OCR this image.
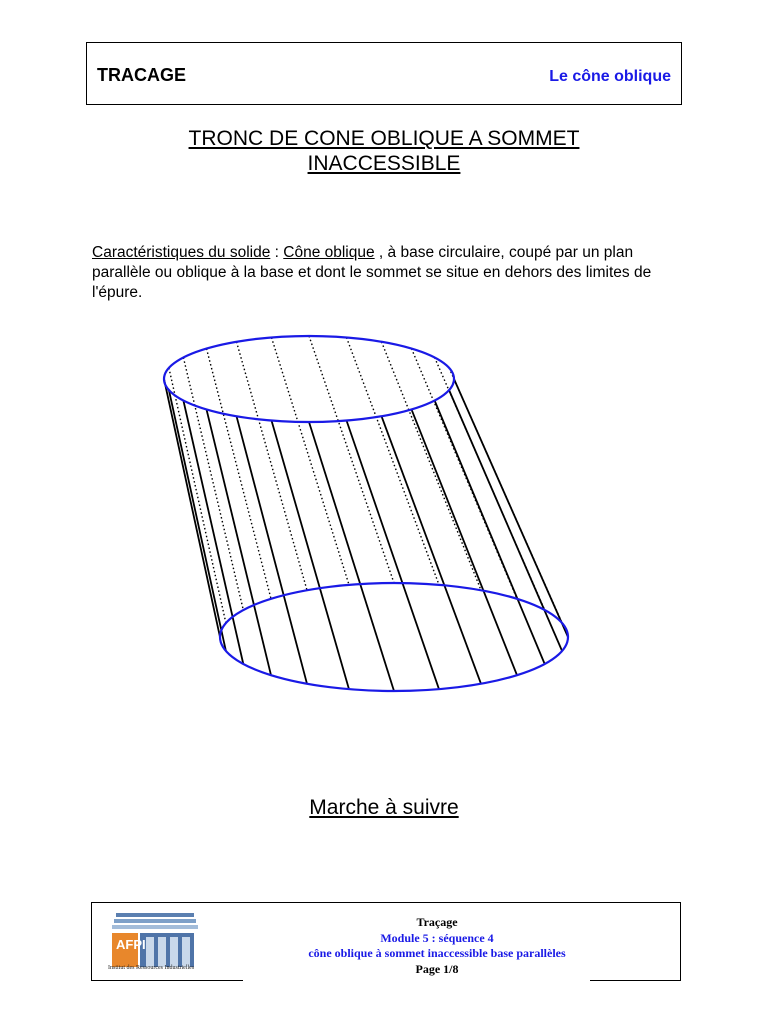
TRACAGE	Le cône oblique
TRONC DE CONE OBLIQUE A SOMMET
INACCESSIBLE
Caractéristiques du solide : Cône oblique , à base circulaire, coupé par un plan parallèle ou oblique à la base et dont le sommet se situe en dehors des limites de l'épure.
Marche à suivre
AFPI
Institut des Ressources Industrielles
Traçage
Module 5 : séquence 4
cône oblique à sommet inaccessible base parallèles
Page 1/8
